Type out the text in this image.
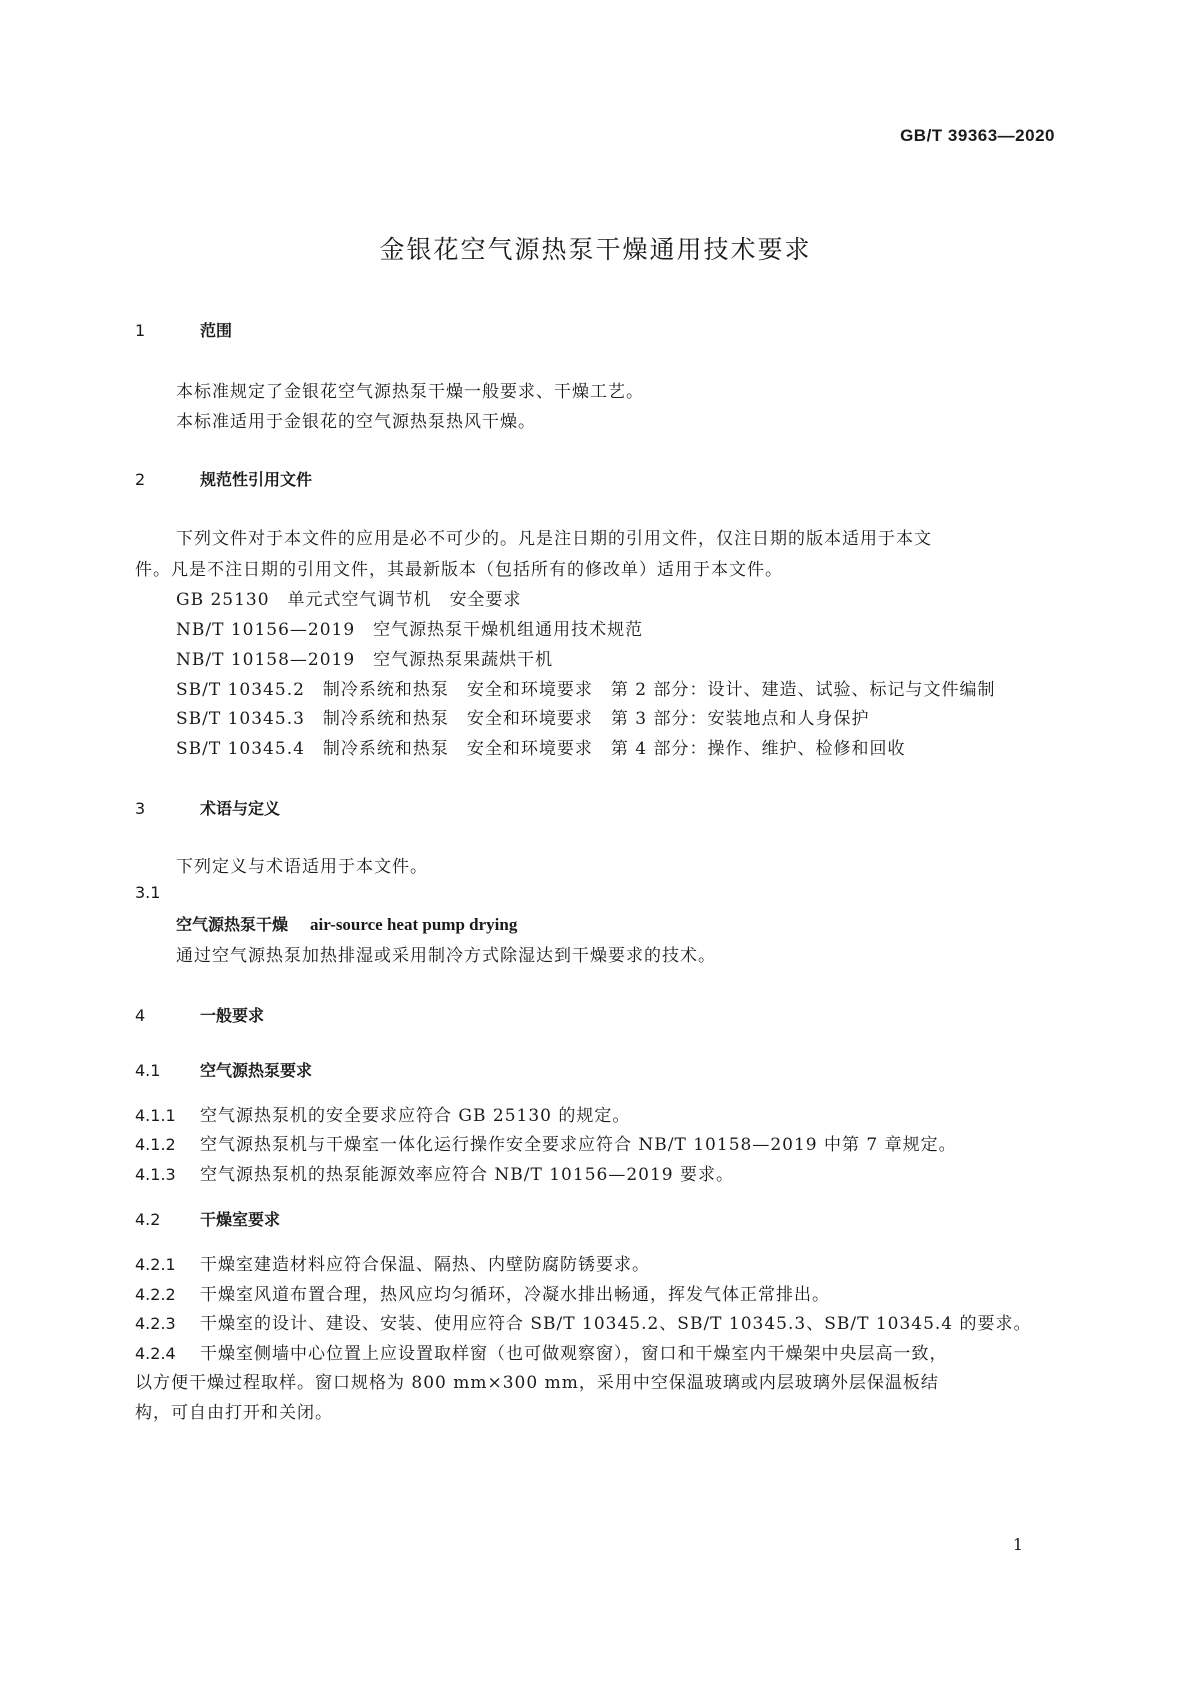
GB/T 39363—2020
金银花空气源热泵干燥通用技术要求
1	范围
本标准规定了金银花空气源热泵干燥一般要求、干燥工艺。
本标准适用于金银花的空气源热泵热风干燥。
2	规范性引用文件
下列文件对于本文件的应用是必不可少的。凡是注日期的引用文件，仅注日期的版本适用于本文
件。凡是不注日期的引用文件，其最新版本（包括所有的修改单）适用于本文件。
GB 25130　单元式空气调节机　安全要求
NB/T 10156—2019　空气源热泵干燥机组通用技术规范
NB/T 10158—2019　空气源热泵果蔬烘干机
SB/T 10345.2　制冷系统和热泵　安全和环境要求　第 2 部分：设计、建造、试验、标记与文件编制
SB/T 10345.3　制冷系统和热泵　安全和环境要求　第 3 部分：安装地点和人身保护
SB/T 10345.4　制冷系统和热泵　安全和环境要求　第 4 部分：操作、维护、检修和回收
3	术语与定义
下列定义与术语适用于本文件。
3.1
空气源热泵干燥 air-source heat pump drying
通过空气源热泵加热排湿或采用制冷方式除湿达到干燥要求的技术。
4	一般要求
4.1 空气源热泵要求
4.1.1 空气源热泵机的安全要求应符合 GB 25130 的规定。
4.1.2 空气源热泵机与干燥室一体化运行操作安全要求应符合 NB/T 10158—2019 中第 7 章规定。
4.1.3 空气源热泵机的热泵能源效率应符合 NB/T 10156—2019 要求。
4.2 干燥室要求
4.2.1 干燥室建造材料应符合保温、隔热、内壁防腐防锈要求。
4.2.2 干燥室风道布置合理，热风应均匀循环，冷凝水排出畅通，挥发气体正常排出。
4.2.3 干燥室的设计、建设、安装、使用应符合 SB/T 10345.2、SB/T 10345.3、SB/T 10345.4 的要求。
4.2.4 干燥室侧墙中心位置上应设置取样窗（也可做观察窗），窗口和干燥室内干燥架中央层高一致，
以方便干燥过程取样。窗口规格为 800 mm×300 mm，采用中空保温玻璃或内层玻璃外层保温板结
构，可自由打开和关闭。
1
